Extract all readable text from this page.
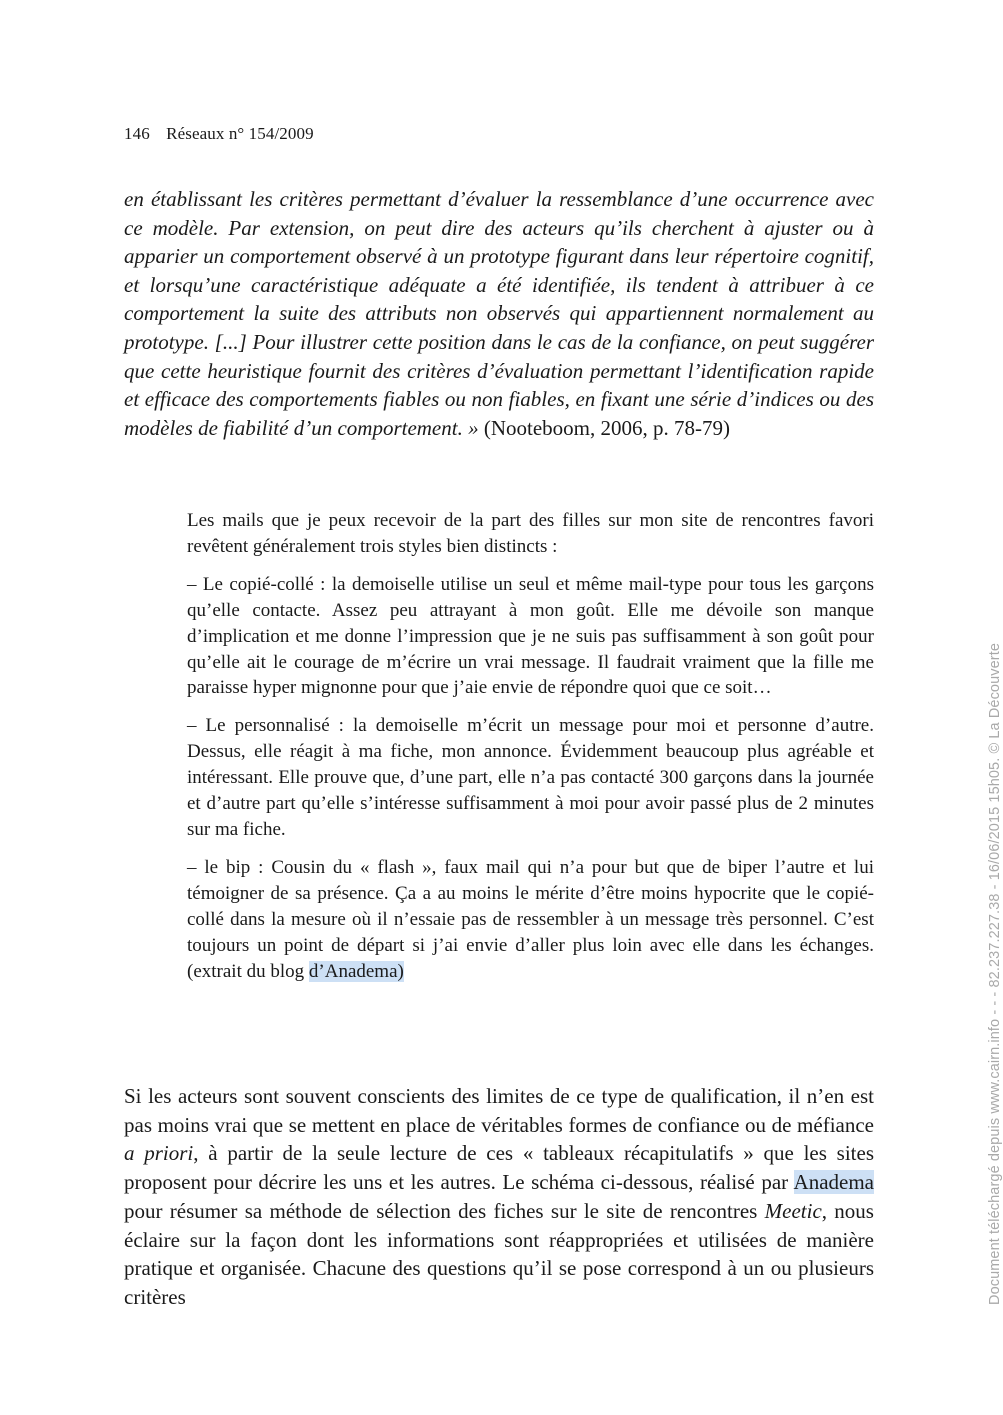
146 Réseaux n° 154/2009
en établissant les critères permettant d’évaluer la ressemblance d’une occurrence avec ce modèle. Par extension, on peut dire des acteurs qu’ils cherchent à ajuster ou à apparier un comportement observé à un prototype figurant dans leur répertoire cognitif, et lorsqu’une caractéristique adéquate a été identifiée, ils tendent à attribuer à ce comportement la suite des attributs non observés qui appartiennent normalement au prototype. [...] Pour illustrer cette position dans le cas de la confiance, on peut suggérer que cette heuristique fournit des critères d’évaluation permettant l’identification rapide et efficace des comportements fiables ou non fiables, en fixant une série d’indices ou des modèles de fiabilité d’un comportement. » (Nooteboom, 2006, p. 78-79)

Les mails que je peux recevoir de la part des filles sur mon site de rencontres favori revêtent généralement trois styles bien distincts :

– Le copié-collé : la demoiselle utilise un seul et même mail-type pour tous les garçons qu’elle contacte. Assez peu attrayant à mon goût. Elle me dévoile son manque d’implication et me donne l’impression que je ne suis pas suffisamment à son goût pour qu’elle ait le courage de m’écrire un vrai message. Il faudrait vraiment que la fille me paraisse hyper mignonne pour que j’aie envie de répondre quoi que ce soit…

– Le personnalisé : la demoiselle m’écrit un message pour moi et personne d’autre. Dessus, elle réagit à ma fiche, mon annonce. Évidemment beaucoup plus agréable et intéressant. Elle prouve que, d’une part, elle n’a pas contacté 300 garçons dans la journée et d’autre part qu’elle s’intéresse suffisamment à moi pour avoir passé plus de 2 minutes sur ma fiche.

– le bip : Cousin du « flash », faux mail qui n’a pour but que de biper l’autre et lui témoigner de sa présence. Ça a au moins le mérite d’être moins hypocrite que le copié-collé dans la mesure où il n’essaie pas de ressembler à un message très personnel. C’est toujours un point de départ si j’ai envie d’aller plus loin avec elle dans les échanges. (extrait du blog d’Anadema)

Si les acteurs sont souvent conscients des limites de ce type de qualification, il n’en est pas moins vrai que se mettent en place de véritables formes de confiance ou de méfiance a priori, à partir de la seule lecture de ces « tableaux récapitulatifs » que les sites proposent pour décrire les uns et les autres. Le schéma ci-dessous, réalisé par Anadema pour résumer sa méthode de sélection des fiches sur le site de rencontres Meetic, nous éclaire sur la façon dont les informations sont réappropriées et utilisées de manière pratique et organisée. Chacune des questions qu’il se pose correspond à un ou plusieurs critères	Document téléchargé depuis www.cairn.info - - - 82.237.227.38 - 16/06/2015 15h05. © La Découverte
